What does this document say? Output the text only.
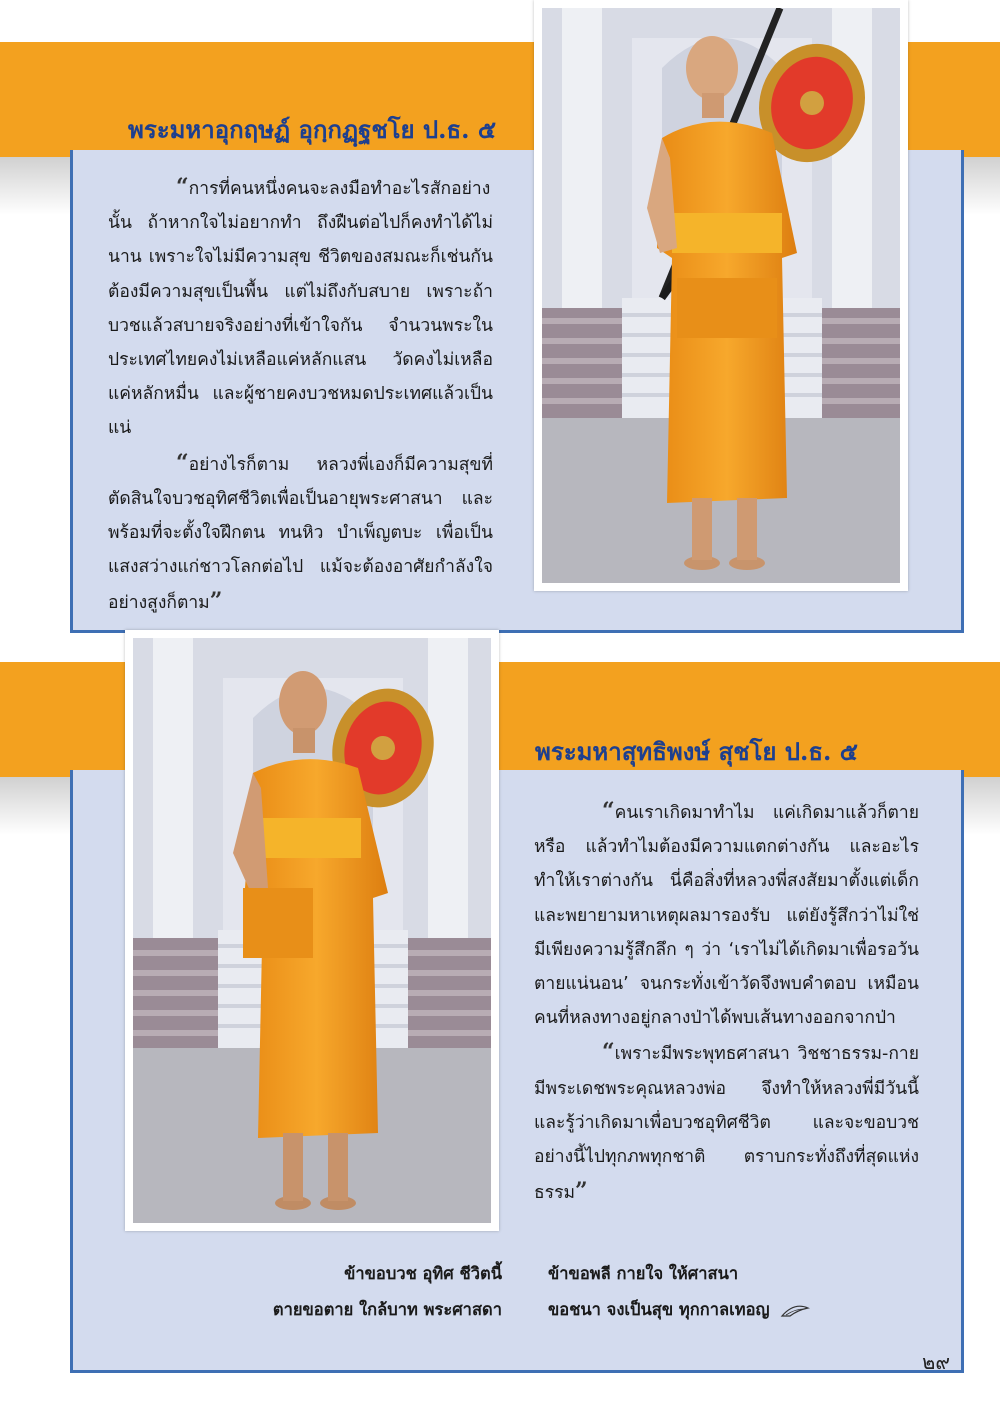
พระมหาอุกฤษฏ์ อุกฺกฏฺฐชโย ป.ธ. ๕

“การที่คนหนึ่งคนจะลงมือทำอะไรสักอย่างนั้น ถ้าหากใจไม่อยากทำ ถึงฝืนต่อไปก็คงทำได้ไม่นาน เพราะใจไม่มีความสุข ชีวิตของสมณะก็เช่นกัน ต้องมีความสุขเป็นพื้น แต่ไม่ถึงกับสบาย เพราะถ้าบวชแล้วสบายจริงอย่างที่เข้าใจกัน จำนวนพระในประเทศไทยคงไม่เหลือแค่หลักแสน วัดคงไม่เหลือแค่หลักหมื่น และผู้ชายคงบวชหมดประเทศแล้วเป็นแน่

“อย่างไรก็ตาม หลวงพี่เองก็มีความสุขที่ตัดสินใจบวชอุทิศชีวิตเพื่อเป็นอายุพระศาสนา และพร้อมที่จะตั้งใจฝึกตน ทนหิว บำเพ็ญตบะ เพื่อเป็นแสงสว่างแก่ชาวโลกต่อไป แม้จะต้องอาศัยกำลังใจอย่างสูงก็ตาม”

พระมหาสุทธิพงษ์ สุชโย ป.ธ. ๕

“คนเราเกิดมาทำไม แค่เกิดมาแล้วก็ตายหรือ แล้วทำไมต้องมีความแตกต่างกัน และอะไรทำให้เราต่างกัน นี่คือสิ่งที่หลวงพี่สงสัยมาตั้งแต่เด็ก และพยายามหาเหตุผลมารองรับ แต่ยังรู้สึกว่าไม่ใช่ มีเพียงความรู้สึกลึก ๆ ว่า ‘เราไม่ได้เกิดมาเพื่อรอวันตายแน่นอน’ จนกระทั่งเข้าวัดจึงพบคำตอบ เหมือนคนที่หลงทางอยู่กลางป่าได้พบเส้นทางออกจากป่า

“เพราะมีพระพุทธศาสนา วิชชาธรรม-กาย มีพระเดชพระคุณหลวงพ่อ จึงทำให้หลวงพี่มีวันนี้และรู้ว่าเกิดมาเพื่อบวชอุทิศชีวิต และจะขอบวชอย่างนี้ไปทุกภพทุกชาติ ตราบกระทั่งถึงที่สุดแห่งธรรม”

ข้าขอบวช อุทิศ ชีวิตนี้
ตายขอตาย ใกล้บาท พระศาสดา
ข้าขอพลี กายใจ ให้ศาสนา
ขอชนา จงเป็นสุข ทุกกาลเทอญ
๒๙
